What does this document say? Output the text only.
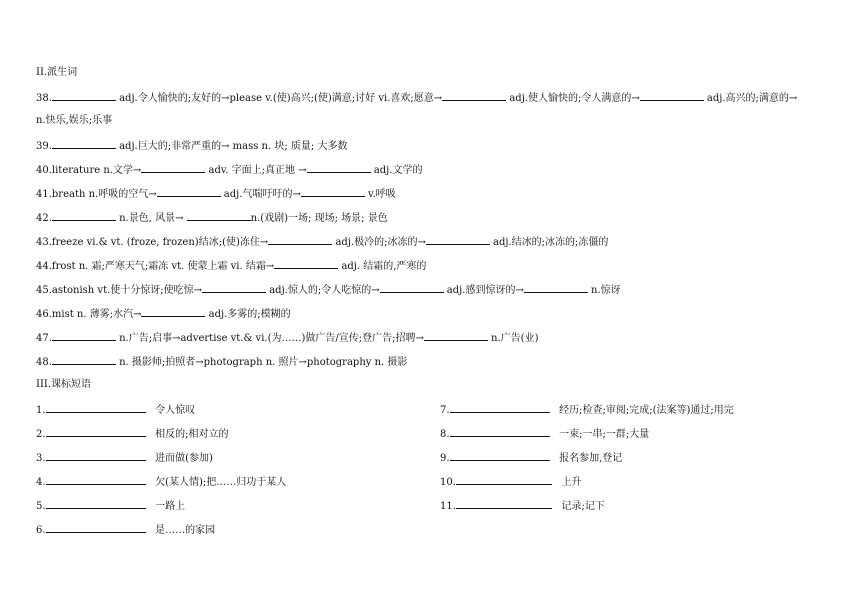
II.派生词
38.	adj.令人愉快的;友好的→please v.(使)高兴;(使)满意;讨好 vi.喜欢;愿意→	adj.使人愉快的;令人满意的→	adj.高兴的;满意的→
n.快乐,娱乐;乐事
39.	adj.巨大的;非常严重的→ mass n. 块; 质量; 大多数
40.literature n.文学→	adv. 字面上;真正地 →	adj.文学的
41.breath n.呼吸的空气→	adj.气喘吁吁的→	v.呼吸
42.	n.景色, 风景→	n.(戏剧)一场; 现场; 场景; 景色
43.freeze vi.& vt. (froze, frozen)结冰;(使)冻住→	adj.极冷的;冰冻的→	adj.结冰的;冰冻的;冻僵的
44.frost n. 霜;严寒天气;霜冻 vt. 使蒙上霜 vi. 结霜→	adj. 结霜的,严寒的
45.astonish vt.使十分惊讶;使吃惊→	adj.惊人的;令人吃惊的→	adj.感到惊讶的→	n.惊讶
46.mist n. 薄雾;水汽→	adj.多雾的;模糊的
47.	n.广告;启事→advertise vt.& vi.(为……)做广告/宣传;登广告;招聘→	n.广告(业)
48.	n. 摄影师;拍照者→photograph n. 照片→photography n. 摄影
III.课标短语
1.	令人惊叹
2.	相反的;相对立的
3.	进而做(参加)
4.	欠(某人情);把……归功于某人
5.	一路上
6.	是……的家园
7.	经历;检查;审阅;完成;(法案等)通过;用完
8.	一束;一串;一群;大量
9.	报名参加,登记
10.	上升
11.	记录;记下
